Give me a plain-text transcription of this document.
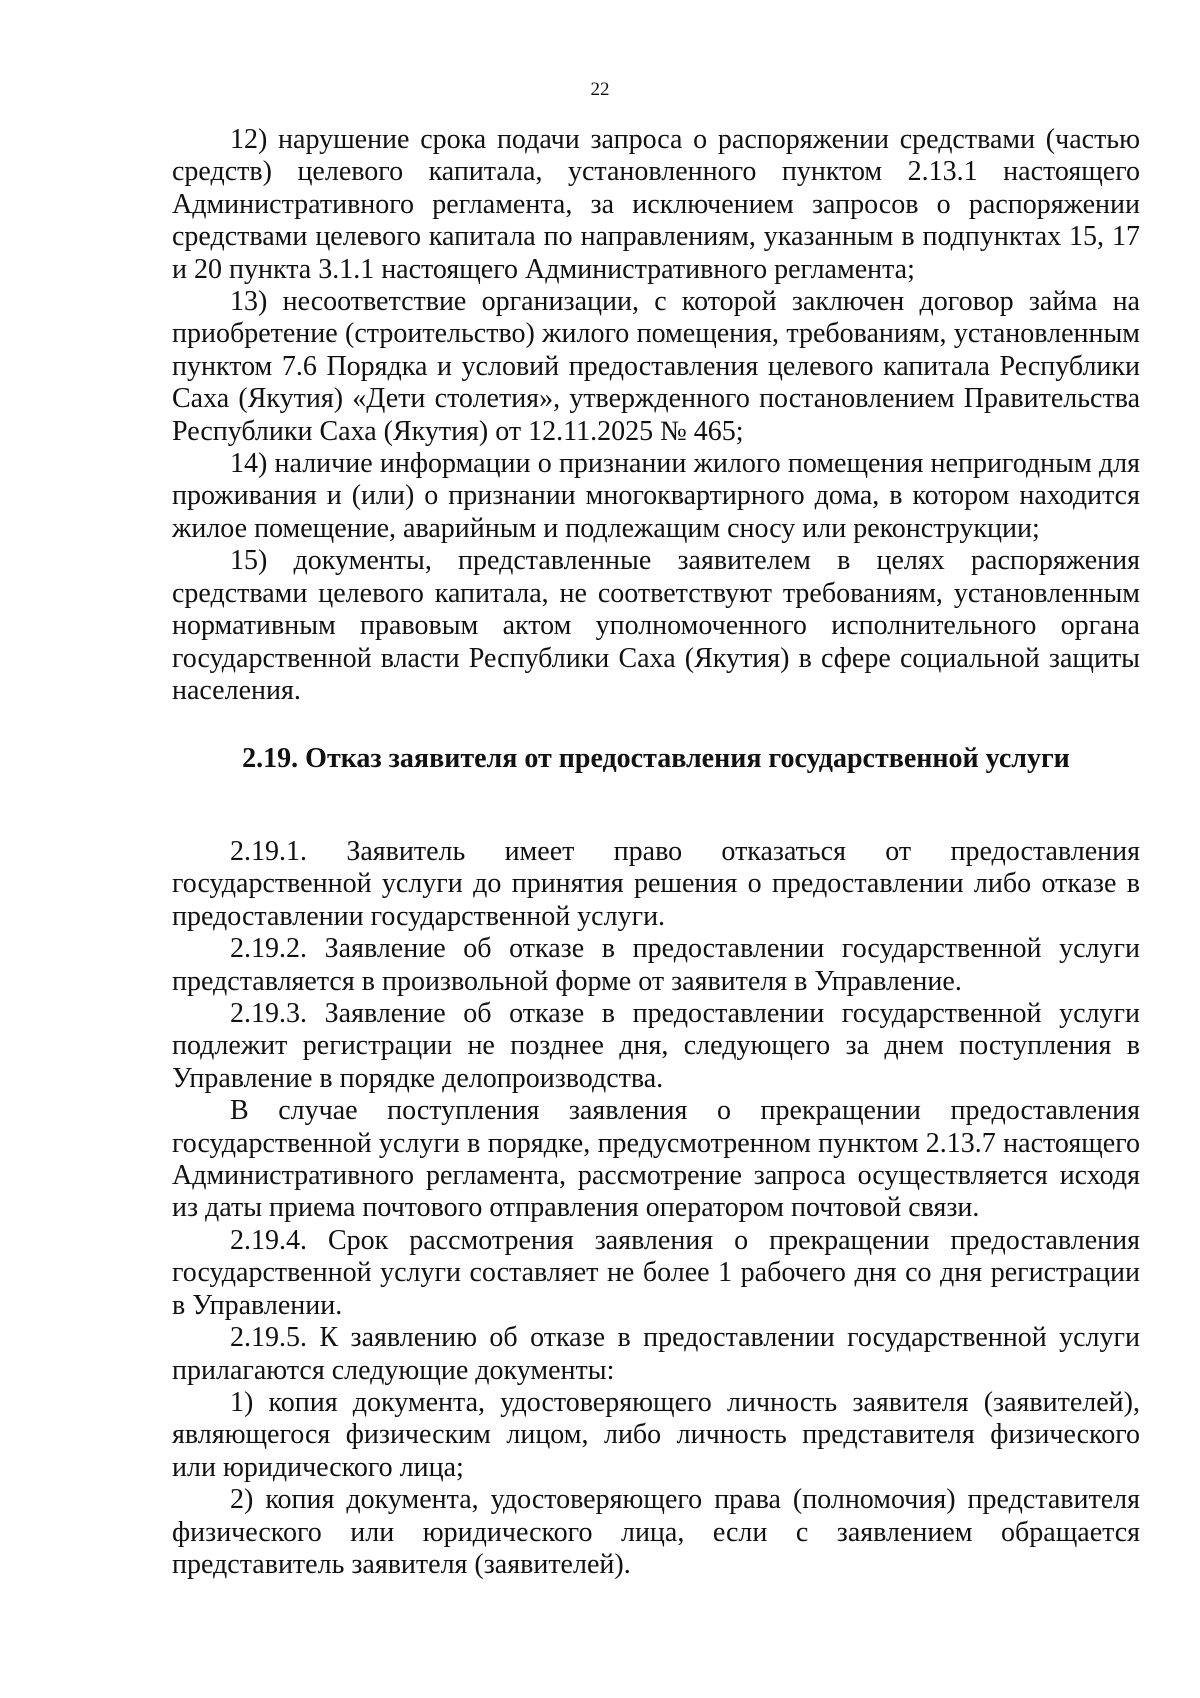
22

12) нарушение срока подачи запроса о распоряжении средствами (частью средств) целевого капитала, установленного пунктом 2.13.1 настоящего Административного регламента, за исключением запросов о распоряжении средствами целевого капитала по направлениям, указанным в подпунктах 15, 17 и 20 пункта 3.1.1 настоящего Административного регламента;

13) несоответствие организации, с которой заключен договор займа на приобретение (строительство) жилого помещения, требованиям, установленным пунктом 7.6 Порядка и условий предоставления целевого капитала Республики Саха (Якутия) «Дети столетия», утвержденного постановлением Правительства Республики Саха (Якутия) от 12.11.2025 № 465;

14) наличие информации о признании жилого помещения непригодным для проживания и (или) о признании многоквартирного дома, в котором находится жилое помещение, аварийным и подлежащим сносу или реконструкции;

15) документы, представленные заявителем в целях распоряжения средствами целевого капитала, не соответствуют требованиям, установленным нормативным правовым актом уполномоченного исполнительного органа государственной власти Республики Саха (Якутия) в сфере социальной защиты населения.

2.19. Отказ заявителя от предоставления государственной услуги

2.19.1. Заявитель имеет право отказаться от предоставления государственной услуги до принятия решения о предоставлении либо отказе в предоставлении государственной услуги.

2.19.2. Заявление об отказе в предоставлении государственной услуги представляется в произвольной форме от заявителя в Управление.

2.19.3. Заявление об отказе в предоставлении государственной услуги подлежит регистрации не позднее дня, следующего за днем поступления в Управление в порядке делопроизводства.

В случае поступления заявления о прекращении предоставления государственной услуги в порядке, предусмотренном пунктом 2.13.7 настоящего Административного регламента, рассмотрение запроса осуществляется исходя из даты приема почтового отправления оператором почтовой связи.

2.19.4. Срок рассмотрения заявления о прекращении предоставления государственной услуги составляет не более 1 рабочего дня со дня регистрации в Управлении.

2.19.5. К заявлению об отказе в предоставлении государственной услуги прилагаются следующие документы:

1) копия документа, удостоверяющего личность заявителя (заявителей), являющегося физическим лицом, либо личность представителя физического или юридического лица;

2) копия документа, удостоверяющего права (полномочия) представителя физического или юридического лица, если с заявлением обращается представитель заявителя (заявителей).
